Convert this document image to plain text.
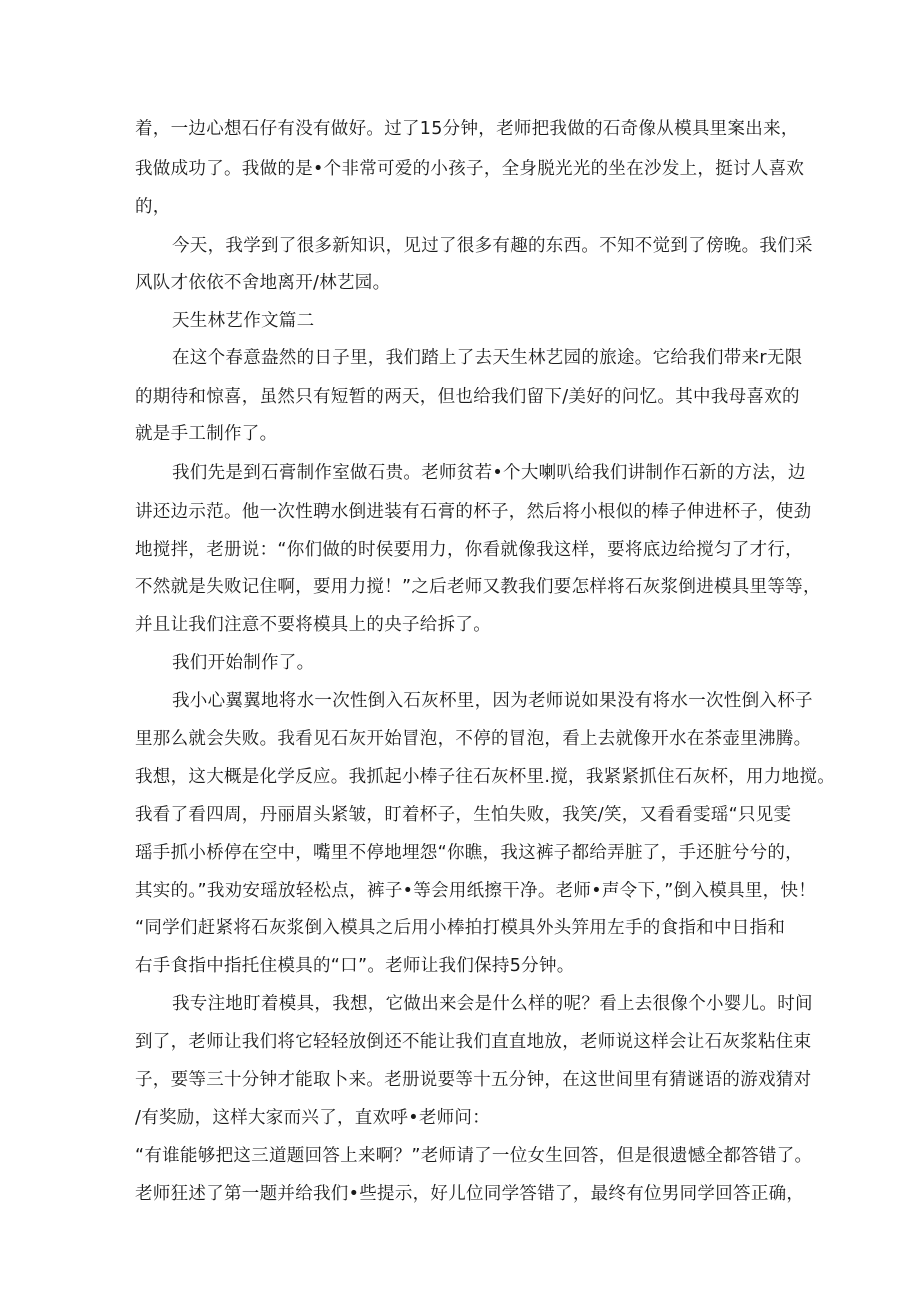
着，一边心想石仔有没有做好。过了15分钟，老师把我做的石奇像从模具里案出来，
我做成功了。我做的是•个非常可爱的小孩子，全身脱光光的坐在沙发上，挺讨人喜欢
的，
今天，我学到了很多新知识，见过了很多有趣的东西。不知不觉到了傍晚。我们采
风队才依依不舍地离开/林艺园。
天生林艺作文篇二
在这个春意盎然的日子里，我们踏上了去天生林艺园的旅途。它给我们带来r无限
的期待和惊喜，虽然只有短暂的两天，但也给我们留下/美好的问忆。其中我母喜欢的
就是手工制作了。
我们先是到石膏制作室做石贵。老师贫若•个大喇叭给我们讲制作石新的方法，边
讲还边示范。他一次性聘水倒进装有石膏的杯子，然后将小根似的棒子伸进杯子，使劲
地搅拌，老册说：“你们做的时侯要用力，你看就像我这样，要将底边给搅匀了才行，
不然就是失败记住啊，要用力搅！”之后老师又教我们要怎样将石灰浆倒进模具里等等，
并且让我们注意不要将模具上的央子给拆了。
我们开始制作了。
我小心翼翼地将水一次性倒入石灰杯里，因为老师说如果没有将水一次性倒入杯子
里那么就会失败。我看见石灰开始冒泡，不停的冒泡，看上去就像开水在茶壶里沸腾。
我想，这大概是化学反应。我抓起小棒子往石灰杯里.搅，我紧紧抓住石灰杯，用力地搅。
我看了看四周，丹丽眉头紧皱，盯着杯子，生怕失败，我笑/笑，又看看雯瑶“只见雯
瑶手抓小桥停在空中，嘴里不停地埋怨“你瞧，我这裤子都给弄脏了，手还脏兮兮的，
其实的。”我劝安瑶放轻松点，裤子•等会用纸擦干净。老师•声令下，”倒入模具里，快！
“同学们赶紧将石灰浆倒入模具之后用小棒拍打模具外头笄用左手的食指和中日指和
右手食指中指托住模具的“口”。老师让我们保持5分钟。
我专注地盯着模具，我想，它做出来会是什么样的呢？看上去很像个小婴儿。时间
到了，老师让我们将它轻轻放倒还不能让我们直直地放，老师说这样会让石灰浆粘住束
子，要等三十分钟才能取卜来。老册说要等十五分钟，在这世间里有猜谜语的游戏猜对
/有奖励，这样大家而兴了，直欢呼•老师问：
“有谁能够把这三道题回答上来啊？”老师请了一位女生回答，但是很遗憾全都答错了。
老师狂述了第一题并给我们•些提示，好儿位同学答错了，最终有位男同学回答正确，
